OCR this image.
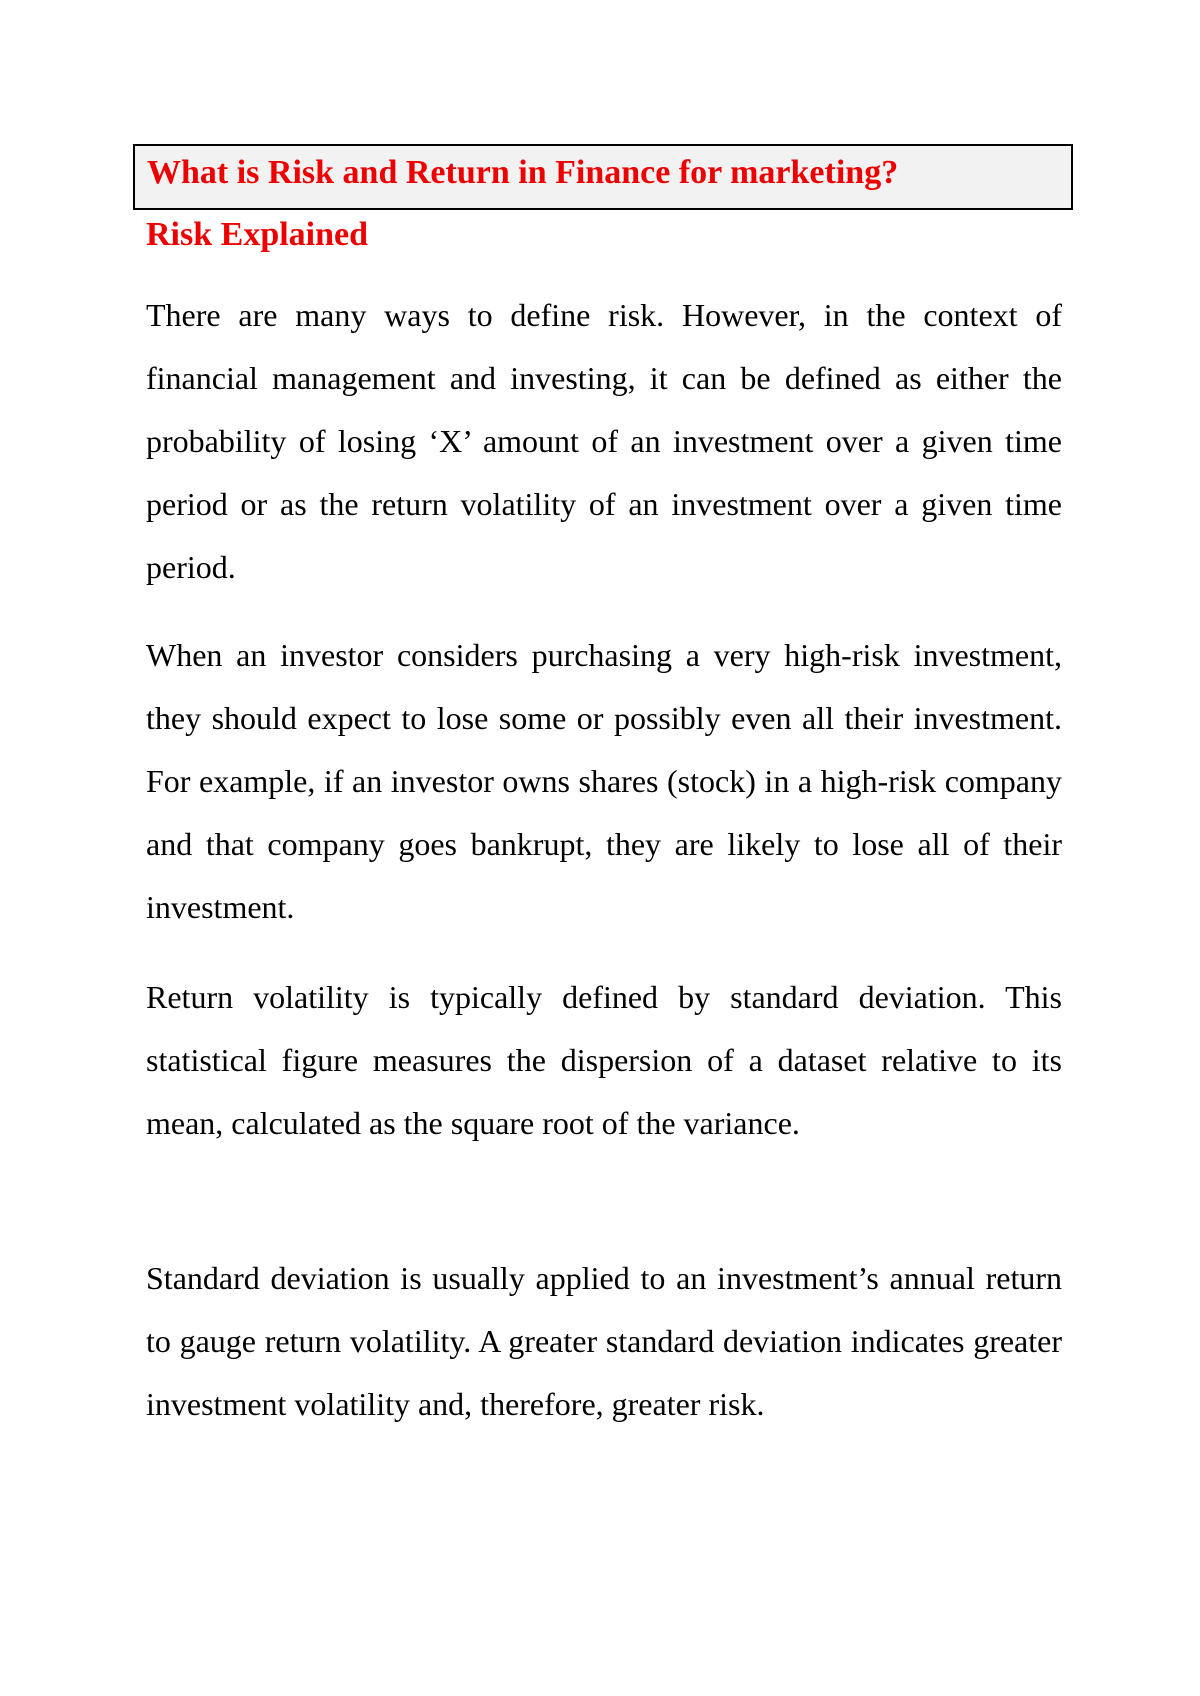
What is Risk and Return in Finance for marketing?
Risk Explained

There are many ways to define risk. However, in the context of financial management and investing, it can be defined as either the probability of losing ‘X’ amount of an investment over a given time period or as the return volatility of an investment over a given time period.

When an investor considers purchasing a very high-risk investment, they should expect to lose some or possibly even all their investment. For example, if an investor owns shares (stock) in a high-risk company and that company goes bankrupt, they are likely to lose all of their investment.

Return volatility is typically defined by standard deviation. This statistical figure measures the dispersion of a dataset relative to its mean, calculated as the square root of the variance.

Standard deviation is usually applied to an investment’s annual return to gauge return volatility. A greater standard deviation indicates greater investment volatility and, therefore, greater risk.
